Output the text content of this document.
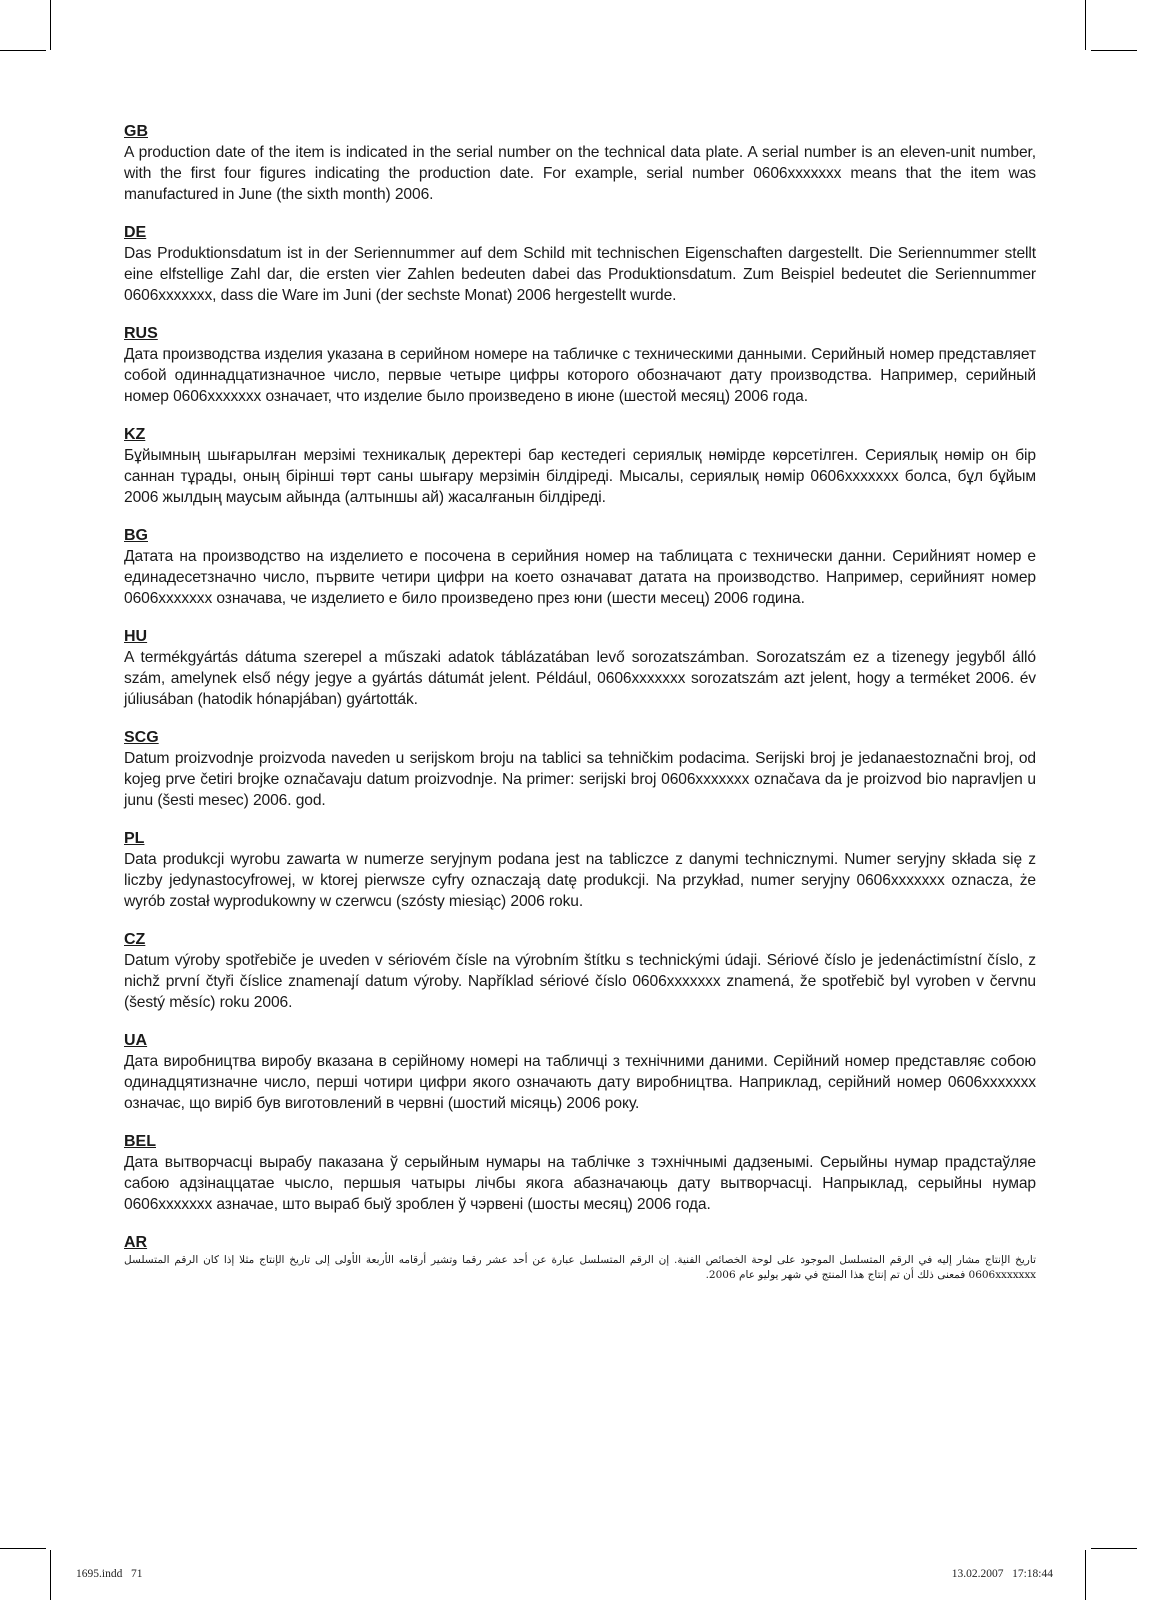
GB

A production date of the item is indicated in the serial number on the technical data plate. A serial number is an eleven-unit number, with the first four figures indicating the production date. For example, serial number 0606xxxxxxx means that the item was manufactured in June (the sixth month) 2006.

DE

Das Produktionsdatum ist in der Seriennummer auf dem Schild mit technischen Eigenschaften dargestellt. Die Seriennummer stellt eine elfstellige Zahl dar, die ersten vier Zahlen bedeuten dabei das Produktionsdatum. Zum Beispiel bedeutet die Seriennummer 0606xxxxxxx, dass die Ware im Juni (der sechste Monat) 2006 hergestellt wurde.

RUS

Дата производства изделия указана в серийном номере на табличке с техническими данными. Серийный номер представляет собой одиннадцатизначное число, первые четыре цифры которого обозначают дату производства. Например, серийный номер 0606xxxxxxx означает, что изделие было произведено в июне (шестой месяц) 2006 года.

KZ

Бұйымның шығарылған мерзімі техникалық деректері бар кестедегі сериялық нөмірде көрсетілген. Сериялық нөмір он бір саннан тұрады, оның бірінші төрт саны шығару мерзімін білдіреді. Мысалы, сериялық нөмір 0606xxxxxxx болса, бұл бұйым 2006 жылдың маусым айында (алтыншы ай) жасалғанын білдіреді.

BG

Датата на производство на изделието е посочена в серийния номер на таблицата с технически данни. Серийният номер е единадесетзначно число, първите четири цифри на което означават датата на производство. Например, серийният номер 0606xxxxxxx означава, че изделието е било произведено през юни (шести месец) 2006 година.

HU

A termékgyártás dátuma szerepel a műszaki adatok táblázatában levő sorozatszámban. Sorozatszám ez a tizenegy jegyből álló szám, amelynek első négy jegye a gyártás dátumát jelent. Például, 0606xxxxxxx sorozatszám azt jelent, hogy a terméket 2006. év júliusában (hatodik hónapjában) gyártották.

SCG

Datum proizvodnje proizvoda naveden u serijskom broju na tablici sa tehničkim podacima. Serijski broj je jedanaestoznačni broj, od kojeg prve četiri brojke označavaju datum proizvodnje. Na primer: serijski broj 0606xxxxxxx označava da je proizvod bio napravljen u junu (šesti mesec) 2006. god.

PL

Data produkcji wyrobu zawarta w numerze seryjnym podana jest na tabliczce z danymi technicznymi. Numer seryjny składa się z liczby jedynastocyfrowej, w ktorej pierwsze cyfry oznaczają datę produkcji. Na przykład, numer seryjny 0606xxxxxxx oznacza, że wyrób został wyprodukowny w czerwcu (szósty miesiąc) 2006 roku.

CZ

Datum výroby spotřebiče je uveden v sériovém čísle na výrobním štítku s technickými údaji. Sériové číslo je jedenáctimístní číslo, z nichž první čtyři číslice znamenají datum výroby. Například sériové číslo 0606xxxxxxx znamená, že spotřebič byl vyroben v červnu (šestý měsíc) roku 2006.

UA

Дата виробництва виробу вказана в серійному номері на табличці з технічними даними. Серійний номер представляє собою одинадцятизначне число, перші чотири цифри якого означають дату виробництва. Наприклад, серійний номер 0606xxxxxxx означає, що виріб був виготовлений в червні (шостий місяць) 2006 року.

BEL

Дата вытворчасці вырабу паказана ў серыйным нумары на таблічке з тэхнічнымі дадзенымі. Серыйны нумар прадстаўляе сабою адзінаццатае чысло, першыя чатыры лічбы якога абазначаюць дату вытворчасці. Напрыклад, серыйны нумар 0606xxxxxxx азначае, што выраб быў зроблен ў чэрвені (шосты месяц) 2006 года.

AR

تاريخ الإنتاج مشار إليه في الرقم المتسلسل الموجود على لوحة الخصائص الفنية. إن الرقم المتسلسل عبارة عن أحد عشر رقما وتشير أرقامه الأربعة الأولى إلى تاريخ الإنتاج مثلا إذا كان الرقم المتسلسل 0606xxxxxxx فمعنى ذلك أن تم إنتاج هذا المنتج في شهر يوليو عام 2006.

1695.indd   71	13.02.2007   17:18:44
